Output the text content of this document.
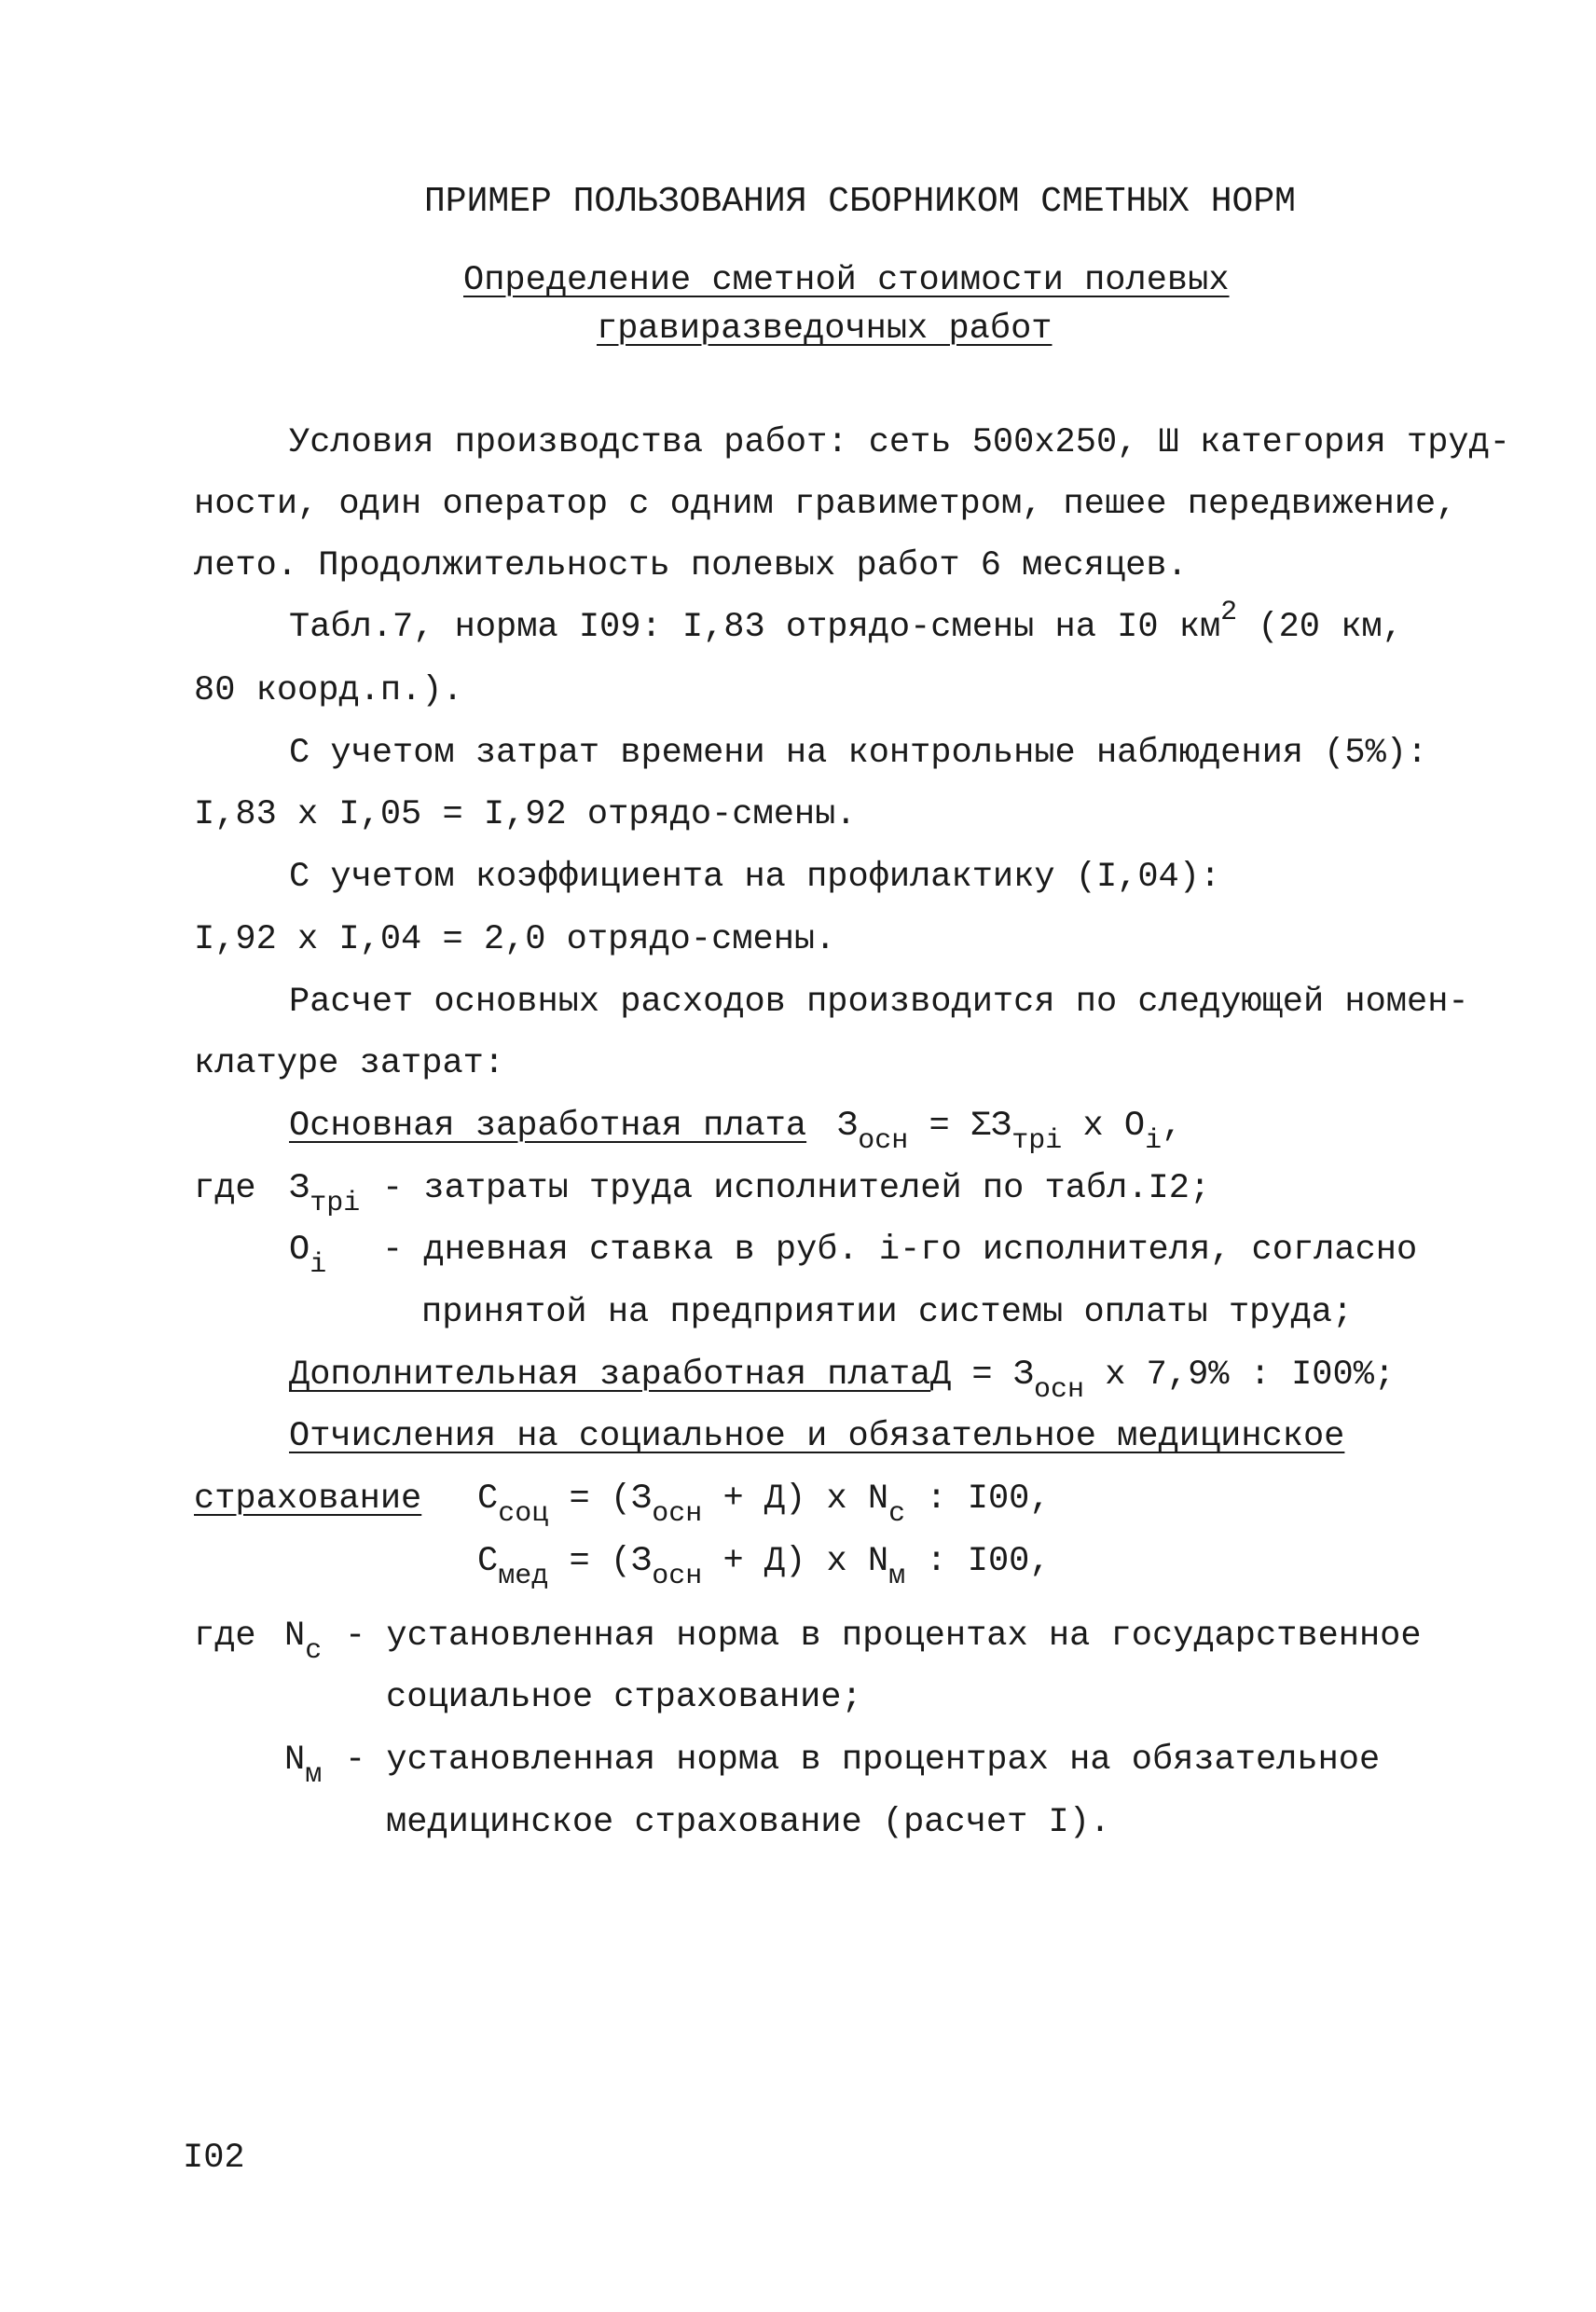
ПРИМЕР ПОЛЬЗОВАНИЯ СБОРНИКОМ СМЕТНЫХ НОРМ
Определение сметной стоимости полевых
гравиразведочных работ
Условия производства работ: сеть 500х250, Ш категория труд-
ности, один оператор с одним гравиметром, пешее передвижение,
лето. Продолжительность полевых работ 6 месяцев.
Табл.7, норма I09: I,83 отрядо-смены на I0 $км^2$ (20 км,
80 коорд.п.).
С учетом затрат времени на контрольные наблюдения (5%):
I,83 х I,05 = I,92 отрядо-смены.
С учетом коэффициента на профилактику (I,04):
I,92 х I,04 = 2,0 отрядо-смены.
Расчет основных расходов производится по следующей номен-
клатуре затрат:
Основная заработная плата $З_{осн} = \Sigma З_{трi}$ х $О_i$,
где $З_{трi}$ - затраты труда исполнителей по табл.I2;
$О_i$ - дневная ставка в руб. i-го исполнителя, согласно
принятой на предприятии системы оплаты труда;
Дополнительная заработная плата $Д = З_{осн}$ х 7,9% : I00%;
Отчисления на социальное и обязательное медицинское
страхование $С_{соц} = (З_{осн} + Д)$ х $N_с$ : I00,
$С_{мед} = (З_{осн} + Д)$ х $N_м$ : I00,
где $N_с$ - установленная норма в процентах на государственное
социальное страхование;
$N_м$ - установленная норма в процентрах на обязательное
медицинское страхование (расчет I).
I02
